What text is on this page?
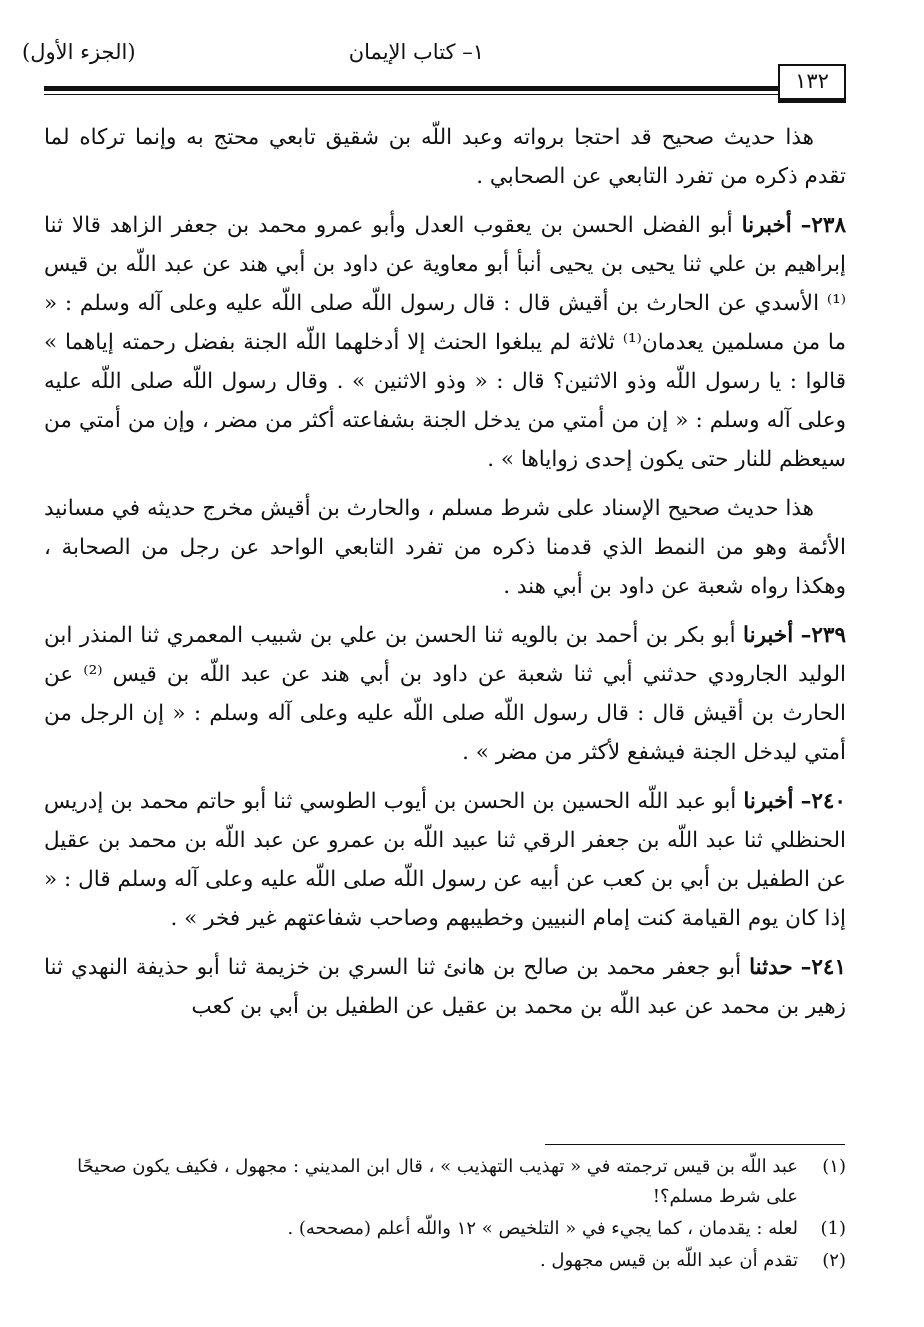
١– كتاب الإيمان
(الجزء الأول)
١٣٢

هذا حديث صحيح قد احتجا برواته وعبد اللّه بن شقيق تابعي محتج به وإنما تركاه لما تقدم ذكره من تفرد التابعي عن الصحابي .

٢٣٨– أخبرنا أبو الفضل الحسن بن يعقوب العدل وأبو عمرو محمد بن جعفر الزاهد قالا ثنا إبراهيم بن علي ثنا يحيى بن يحيى أنبأ أبو معاوية عن داود بن أبي هند عن عبد اللّه بن قيس ⁽¹⁾ الأسدي عن الحارث بن أقيش قال : قال رسول اللّه صلى اللّه عليه وعلى آله وسلم : « ما من مسلمين يعدمان⁽¹⁾ ثلاثة لم يبلغوا الحنث إلا أدخلهما اللّه الجنة بفضل رحمته إياهما » قالوا : يا رسول اللّه وذو الاثنين؟ قال : « وذو الاثنين » . وقال رسول اللّه صلى اللّه عليه وعلى آله وسلم : « إن من أمتي من يدخل الجنة بشفاعته أكثر من مضر ، وإن من أمتي من سيعظم للنار حتى يكون إحدى زواياها » .

هذا حديث صحيح الإسناد على شرط مسلم ، والحارث بن أقيش مخرج حديثه في مسانيد الأئمة وهو من النمط الذي قدمنا ذكره من تفرد التابعي الواحد عن رجل من الصحابة ، وهكذا رواه شعبة عن داود بن أبي هند .

٢٣٩– أخبرنا أبو بكر بن أحمد بن بالويه ثنا الحسن بن علي بن شبيب المعمري ثنا المنذر ابن الوليد الجارودي حدثني أبي ثنا شعبة عن داود بن أبي هند عن عبد اللّه بن قيس ⁽²⁾ عن الحارث بن أقيش قال : قال رسول اللّه صلى اللّه عليه وعلى آله وسلم : « إن الرجل من أمتي ليدخل الجنة فيشفع لأكثر من مضر » .

٢٤٠– أخبرنا أبو عبد اللّه الحسين بن الحسن بن أيوب الطوسي ثنا أبو حاتم محمد بن إدريس الحنظلي ثنا عبد اللّه بن جعفر الرقي ثنا عبيد اللّه بن عمرو عن عبد اللّه بن محمد بن عقيل عن الطفيل بن أبي بن كعب عن أبيه عن رسول اللّه صلى اللّه عليه وعلى آله وسلم قال : « إذا كان يوم القيامة كنت إمام النبيين وخطيبهم وصاحب شفاعتهم غير فخر » .

٢٤١– حدثنا أبو جعفر محمد بن صالح بن هانئ ثنا السري بن خزيمة ثنا أبو حذيفة النهدي ثنا زهير بن محمد عن عبد اللّه بن محمد بن عقيل عن الطفيل بن أبي بن كعب

(١)
عبد اللّه بن قيس ترجمته في « تهذيب التهذيب » ، قال ابن المديني : مجهول ، فكيف يكون صحيحًا على شرط مسلم؟!
(1)
لعله : يقدمان ، كما يجيء في « التلخيص » ١٢ واللّه أعلم (مصححه) .
(٢)
تقدم أن عبد اللّه بن قيس مجهول .
